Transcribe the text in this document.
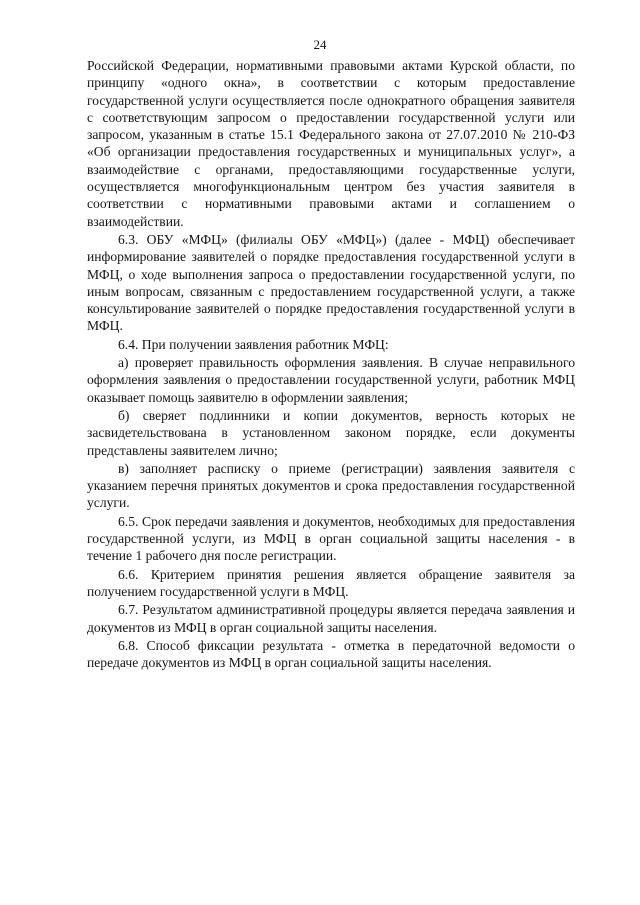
24

Российской Федерации, нормативными правовыми актами Курской области, по принципу «одного окна», в соответствии с которым предоставление государственной услуги осуществляется после однократного обращения заявителя с соответствующим запросом о предоставлении государственной услуги или запросом, указанным в статье 15.1 Федерального закона от 27.07.2010 № 210-ФЗ «Об организации предоставления государственных и муниципальных услуг», а взаимодействие с органами, предоставляющими государственные услуги, осуществляется многофункциональным центром без участия заявителя в соответствии с нормативными правовыми актами и соглашением о взаимодействии.

6.3. ОБУ «МФЦ» (филиалы ОБУ «МФЦ») (далее - МФЦ) обеспечивает информирование заявителей о порядке предоставления государственной услуги в МФЦ, о ходе выполнения запроса о предоставлении государственной услуги, по иным вопросам, связанным с предоставлением государственной услуги, а также консультирование заявителей о порядке предоставления государственной услуги в МФЦ.

6.4. При получении заявления работник МФЦ:

а) проверяет правильность оформления заявления. В случае неправильного оформления заявления о предоставлении государственной услуги, работник МФЦ оказывает помощь заявителю в оформлении заявления;

б) сверяет подлинники и копии документов, верность которых не засвидетельствована в установленном законом порядке, если документы представлены заявителем лично;

в) заполняет расписку о приеме (регистрации) заявления заявителя с указанием перечня принятых документов и срока предоставления государственной услуги.

6.5. Срок передачи заявления и документов, необходимых для предоставления государственной услуги, из МФЦ в орган социальной защиты населения - в течение 1 рабочего дня после регистрации.

6.6. Критерием принятия решения является обращение заявителя за получением государственной услуги в МФЦ.

6.7. Результатом административной процедуры является передача заявления и документов из МФЦ в орган социальной защиты населения.

6.8. Способ фиксации результата - отметка в передаточной ведомости о передаче документов из МФЦ в орган социальной защиты населения.
